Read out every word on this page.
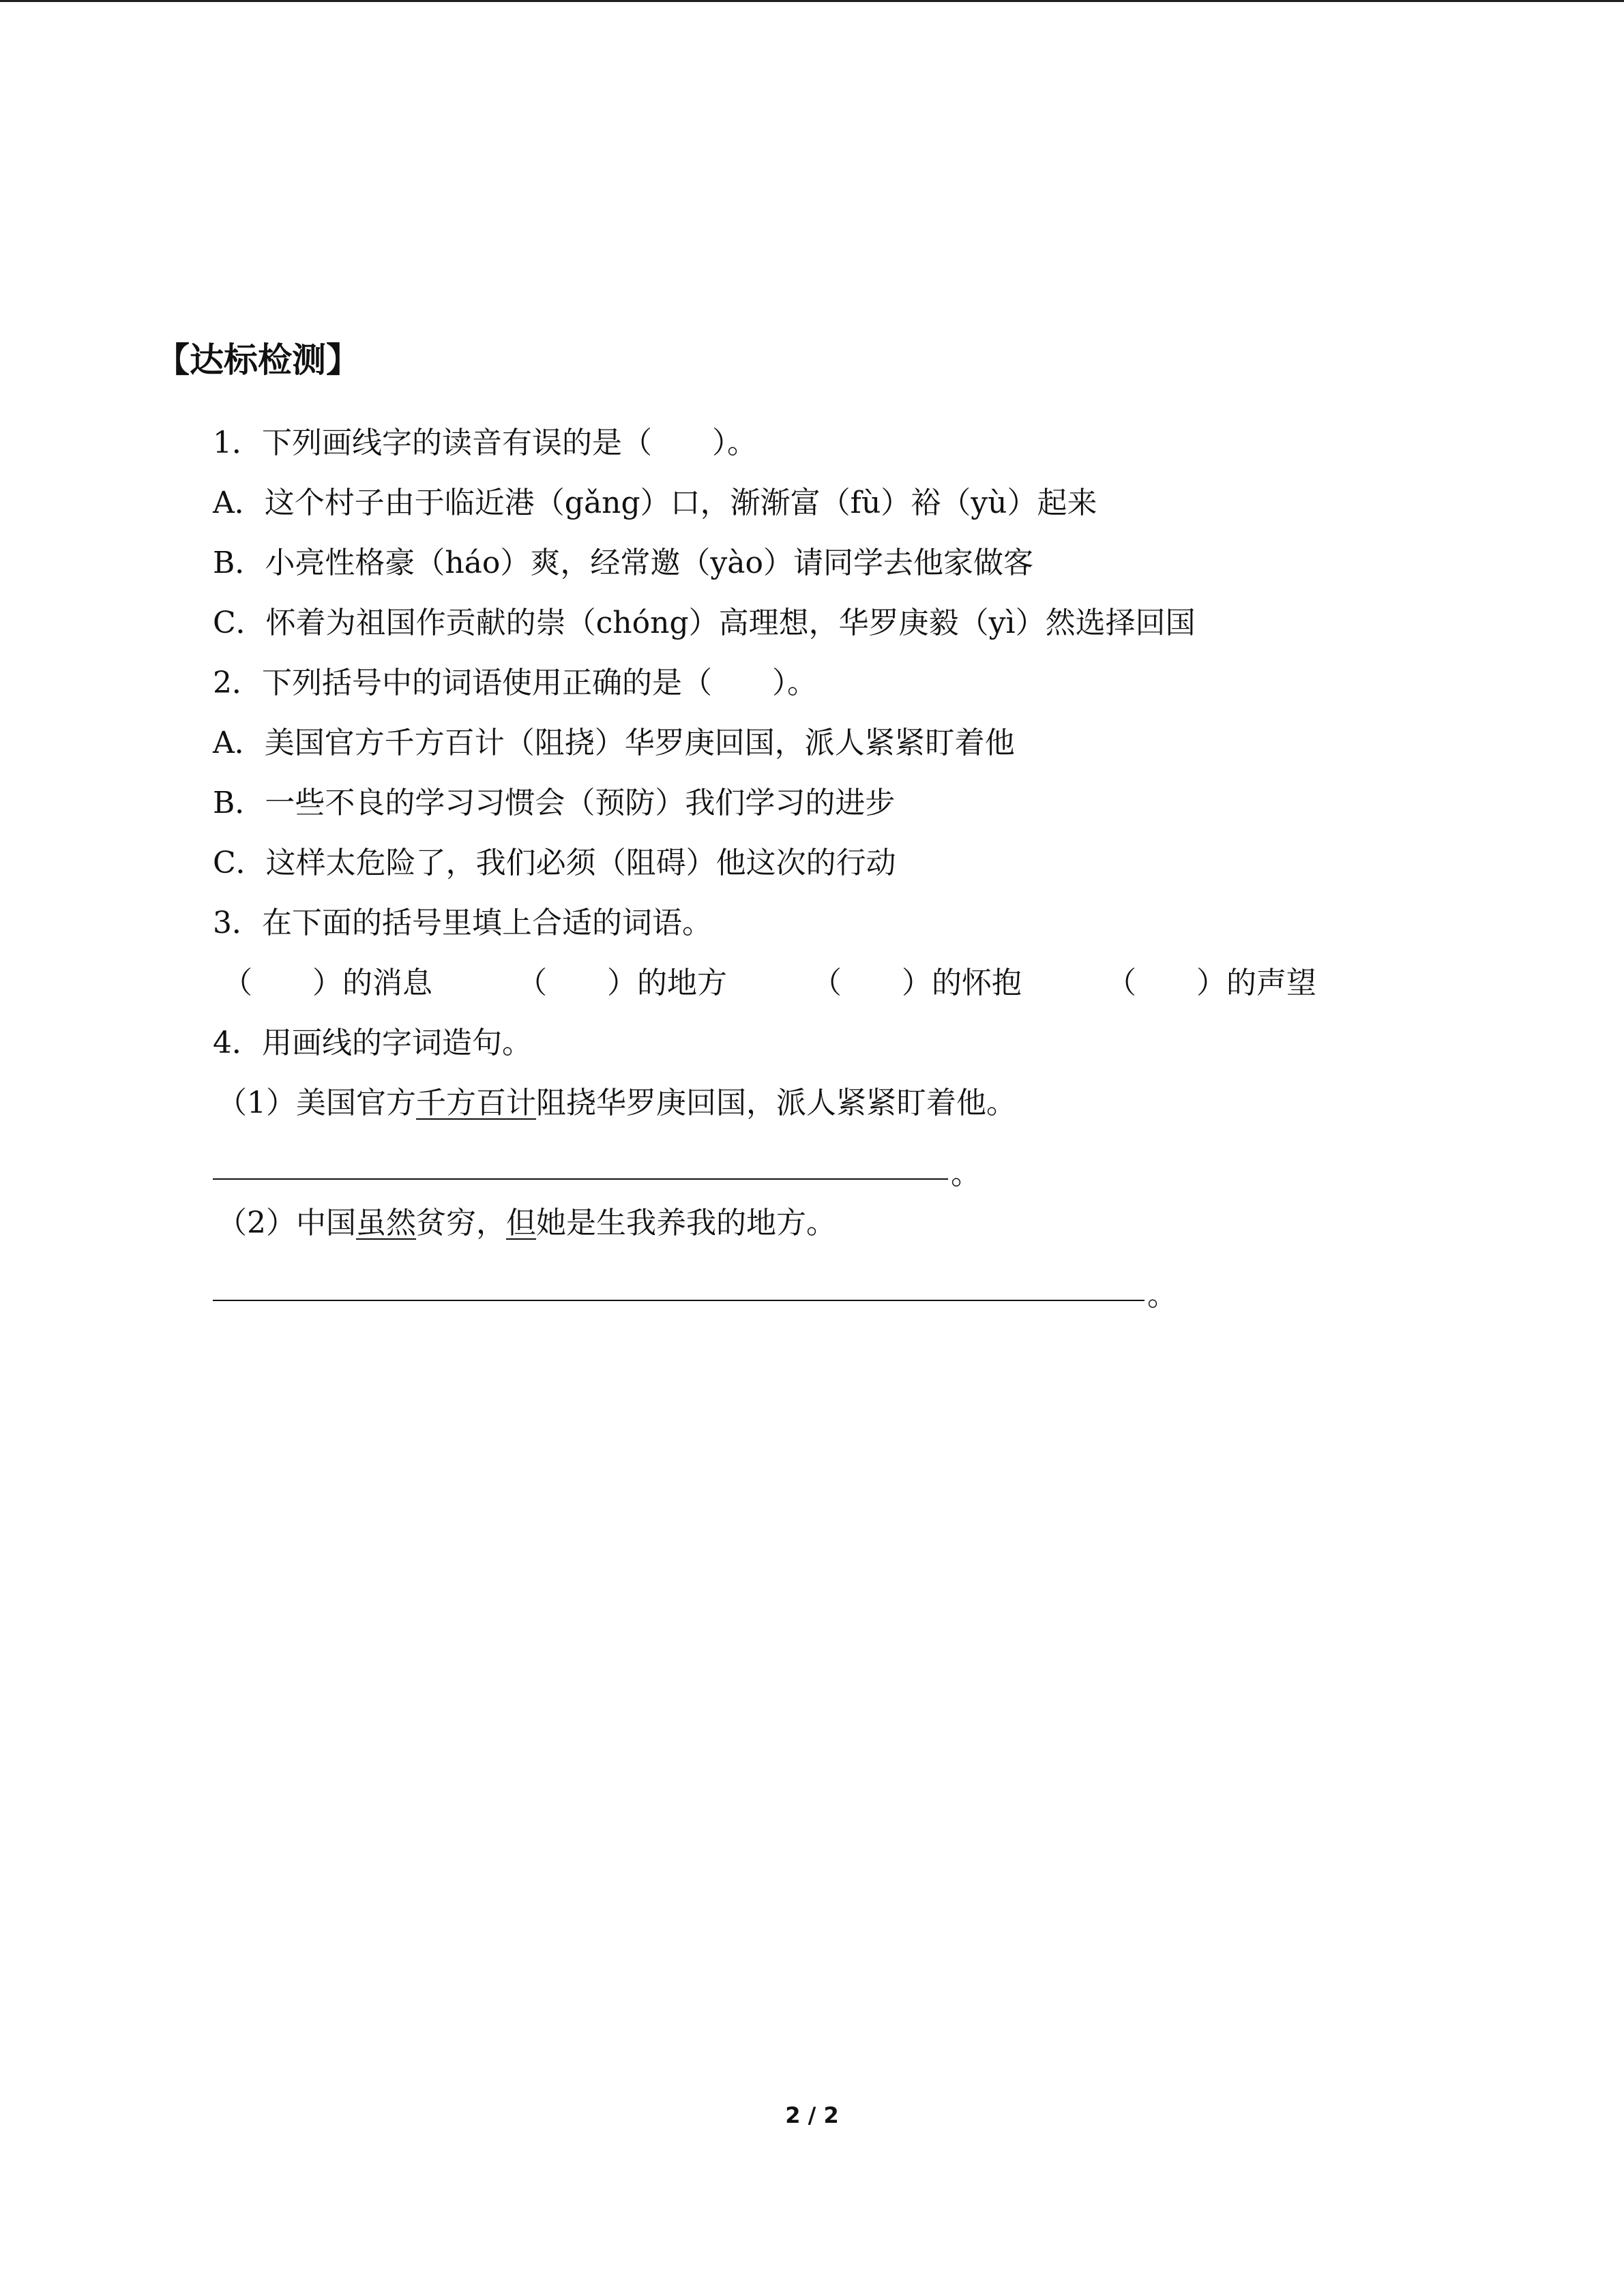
【达标检测】
1．下列画线字的读音有误的是（　　）。
A．这个村子由于临近港（gǎng）口，渐渐富（fù）裕（yù）起来
B．小亮性格豪（háo）爽，经常邀（yào）请同学去他家做客
C．怀着为祖国作贡献的崇（chóng）高理想，华罗庚毅（yì）然选择回国
2．下列括号中的词语使用正确的是（　　）。
A．美国官方千方百计（阻挠）华罗庚回国，派人紧紧盯着他
B．一些不良的学习习惯会（预防）我们学习的进步
C．这样太危险了，我们必须（阻碍）他这次的行动
3．在下面的括号里填上合适的词语。
（　　）的消息	（　　）的地方	（　　）的怀抱	（　　）的声望
4．用画线的字词造句。
（1）美国官方千方百计阻挠华罗庚回国，派人紧紧盯着他。
。
（2）中国虽然贫穷，但她是生我养我的地方。
。
2 / 2
